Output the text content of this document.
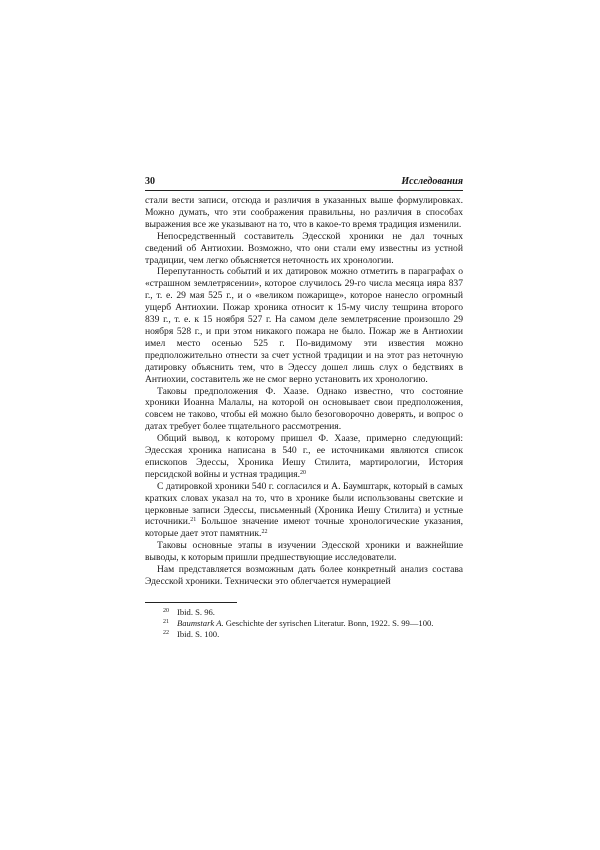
30	Исследования

стали вести записи, отсюда и различия в указанных выше формулировках. Можно думать, что эти соображения правильны, но различия в способах выражения все же указывают на то, что в какое-то время традиция изменили.

Непосредственный составитель Эдесской хроники не дал точных сведений об Антиохии. Возможно, что они стали ему известны из устной традиции, чем легко объясняется неточность их хронологии.

Перепутанность событий и их датировок можно отметить в параграфах о «страшном землетрясении», которое случилось 29-го числа месяца ияра 837 г., т. е. 29 мая 525 г., и о «великом пожарище», которое нанесло огромный ущерб Антиохии. Пожар хроника относит к 15-му числу тешрина второго 839 г., т. е. к 15 ноября 527 г. На самом деле землетрясение произошло 29 ноября 528 г., и при этом никакого пожара не было. Пожар же в Антиохии имел место осенью 525 г. По-видимому эти известия можно предположительно отнести за счет устной традиции и на этот раз неточную датировку объяснить тем, что в Эдессу дошел лишь слух о бедствиях в Антиохии, составитель же не смог верно установить их хронологию.

Таковы предположения Ф. Хаазе. Однако известно, что состояние хроники Иоанна Малалы, на которой он основывает свои предположения, совсем не таково, чтобы ей можно было безоговорочно доверять, и вопрос о датах требует более тщательного рассмотрения.

Общий вывод, к которому пришел Ф. Хаазе, примерно следующий: Эдесская хроника написана в 540 г., ее источниками являются список епископов Эдессы, Хроника Иешу Стилита, мартирологии, История персидской войны и устная традиция.$^{20}$

С датировкой хроники 540 г. согласился и А. Баумштарк, который в самых кратких словах указал на то, что в хронике были использованы светские и церковные записи Эдессы, письменный (Хроника Иешу Стилита) и устные источники.$^{21}$ Большое значение имеют точные хронологические указания, которые дает этот памятник.$^{22}$

Таковы основные этапы в изучении Эдесской хроники и важнейшие выводы, к которым пришли предшествующие исследователи.

Нам представляется возможным дать более конкретный анализ состава Эдесской хроники. Технически это облегчается нумерацией

20 Ibid. S. 96.
21 Baumstark A. Geschichte der syrischen Literatur. Bonn, 1922. S. 99—100.
22 Ibid. S. 100.
